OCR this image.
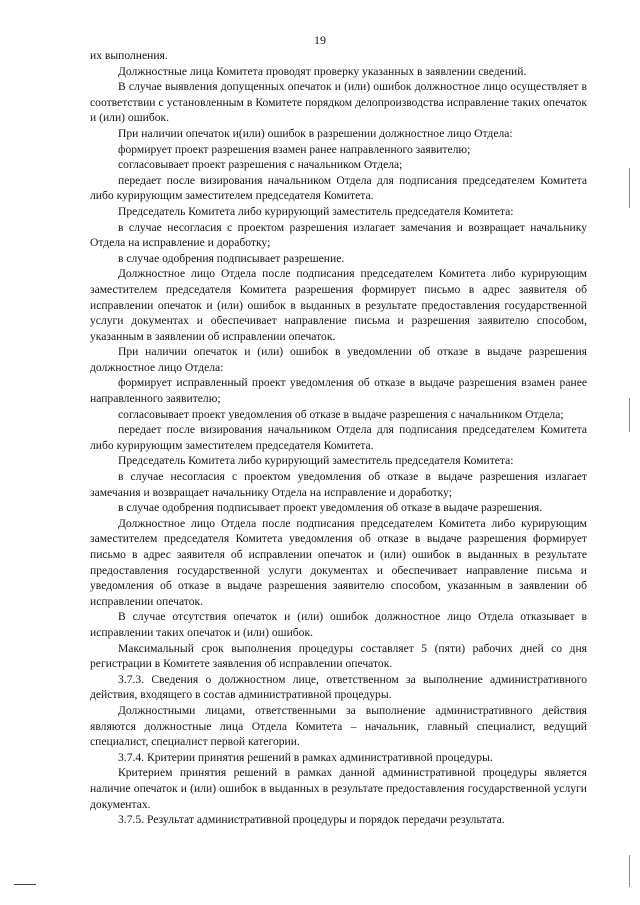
19

их выполнения.

Должностные лица Комитета проводят проверку указанных в заявлении сведений.

В случае выявления допущенных опечаток и (или) ошибок должностное лицо осуществляет в соответствии с установленным в Комитете порядком делопроизводства исправление таких опечаток и (или) ошибок.

При наличии опечаток и(или) ошибок в разрешении должностное лицо Отдела:

формирует проект разрешения взамен ранее направленного заявителю;

согласовывает проект разрешения с начальником Отдела;

передает после визирования начальником Отдела для подписания председателем Комитета либо курирующим заместителем председателя Комитета.

Председатель Комитета либо курирующий заместитель председателя Комитета:

в случае несогласия с проектом разрешения излагает замечания и возвращает начальнику Отдела на исправление и доработку;

в случае одобрения подписывает разрешение.

Должностное лицо Отдела после подписания председателем Комитета либо курирующим заместителем председателя Комитета разрешения формирует письмо в адрес заявителя об исправлении опечаток и (или) ошибок в выданных в результате предоставления государственной услуги документах и обеспечивает направление письма и разрешения заявителю способом, указанным в заявлении об исправлении опечаток.

При наличии опечаток и (или) ошибок в уведомлении об отказе в выдаче разрешения должностное лицо Отдела:

формирует исправленный проект уведомления об отказе в выдаче разрешения взамен ранее направленного заявителю;

согласовывает проект уведомления об отказе в выдаче разрешения с начальником Отдела;

передает после визирования начальником Отдела для подписания председателем Комитета либо курирующим заместителем председателя Комитета.

Председатель Комитета либо курирующий заместитель председателя Комитета:

в случае несогласия с проектом уведомления об отказе в выдаче разрешения излагает замечания и возвращает начальнику Отдела на исправление и доработку;

в случае одобрения подписывает проект уведомления об отказе в выдаче разрешения.

Должностное лицо Отдела после подписания председателем Комитета либо курирующим заместителем председателя Комитета уведомления об отказе в выдаче разрешения формирует письмо в адрес заявителя об исправлении опечаток и (или) ошибок в выданных в результате предоставления государственной услуги документах и обеспечивает направление письма и уведомления об отказе в выдаче разрешения заявителю способом, указанным в заявлении об исправлении опечаток.

В случае отсутствия опечаток и (или) ошибок должностное лицо Отдела отказывает в исправлении таких опечаток и (или) ошибок.

Максимальный срок выполнения процедуры составляет 5 (пяти) рабочих дней со дня регистрации в Комитете заявления об исправлении опечаток.

3.7.3. Сведения о должностном лице, ответственном за выполнение административного действия, входящего в состав административной процедуры.

Должностными лицами, ответственными за выполнение административного действия являются должностные лица Отдела Комитета – начальник, главный специалист, ведущий специалист, специалист первой категории.

3.7.4. Критерии принятия решений в рамках административной процедуры.

Критерием принятия решений в рамках данной административной процедуры является наличие опечаток и (или) ошибок в выданных в результате предоставления государственной услуги документах.

3.7.5. Результат административной процедуры и порядок передачи результата.
